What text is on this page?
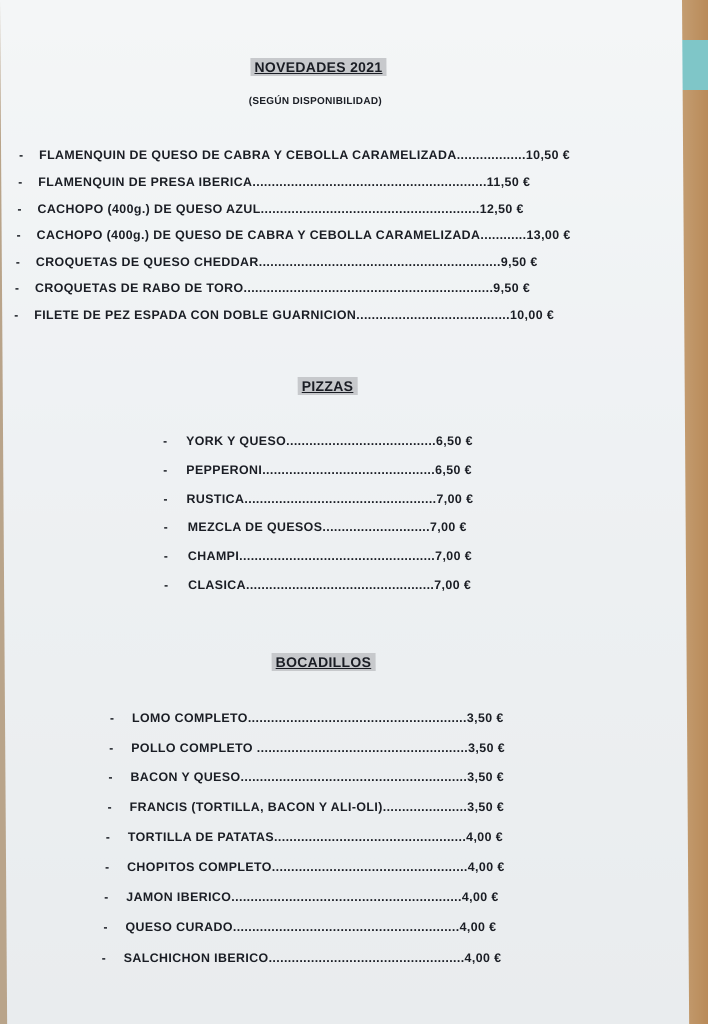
NOVEDADES 2021
(SEGÚN DISPONIBILIDAD)
- FLAMENQUIN DE QUESO DE CABRA Y CEBOLLA CARAMELIZADA..................10,50 €
- FLAMENQUIN DE PRESA IBERICA.............................................................11,50 €
- CACHOPO (400g.) DE QUESO AZUL.........................................................12,50 €
- CACHOPO (400g.) DE QUESO DE CABRA Y CEBOLLA CARAMELIZADA............13,00 €
- CROQUETAS DE QUESO CHEDDAR...............................................................9,50 €
- CROQUETAS DE RABO DE TORO.................................................................9,50 €
- FILETE DE PEZ ESPADA CON DOBLE GUARNICION........................................10,00 €
PIZZAS
- YORK Y QUESO.......................................6,50 €
- PEPPERONI.............................................6,50 €
- RUSTICA..................................................7,00 €
- MEZCLA DE QUESOS............................7,00 €
- CHAMPI...................................................7,00 €
- CLASICA.................................................7,00 €
BOCADILLOS
- LOMO COMPLETO.........................................................3,50 €
- POLLO COMPLETO .......................................................3,50 €
- BACON Y QUESO...........................................................3,50 €
- FRANCIS (TORTILLA, BACON Y ALI-OLI)......................3,50 €
- TORTILLA DE PATATAS..................................................4,00 €
- CHOPITOS COMPLETO...................................................4,00 €
- JAMON IBERICO............................................................4,00 €
- QUESO CURADO...........................................................4,00 €
- SALCHICHON IBERICO...................................................4,00 €
